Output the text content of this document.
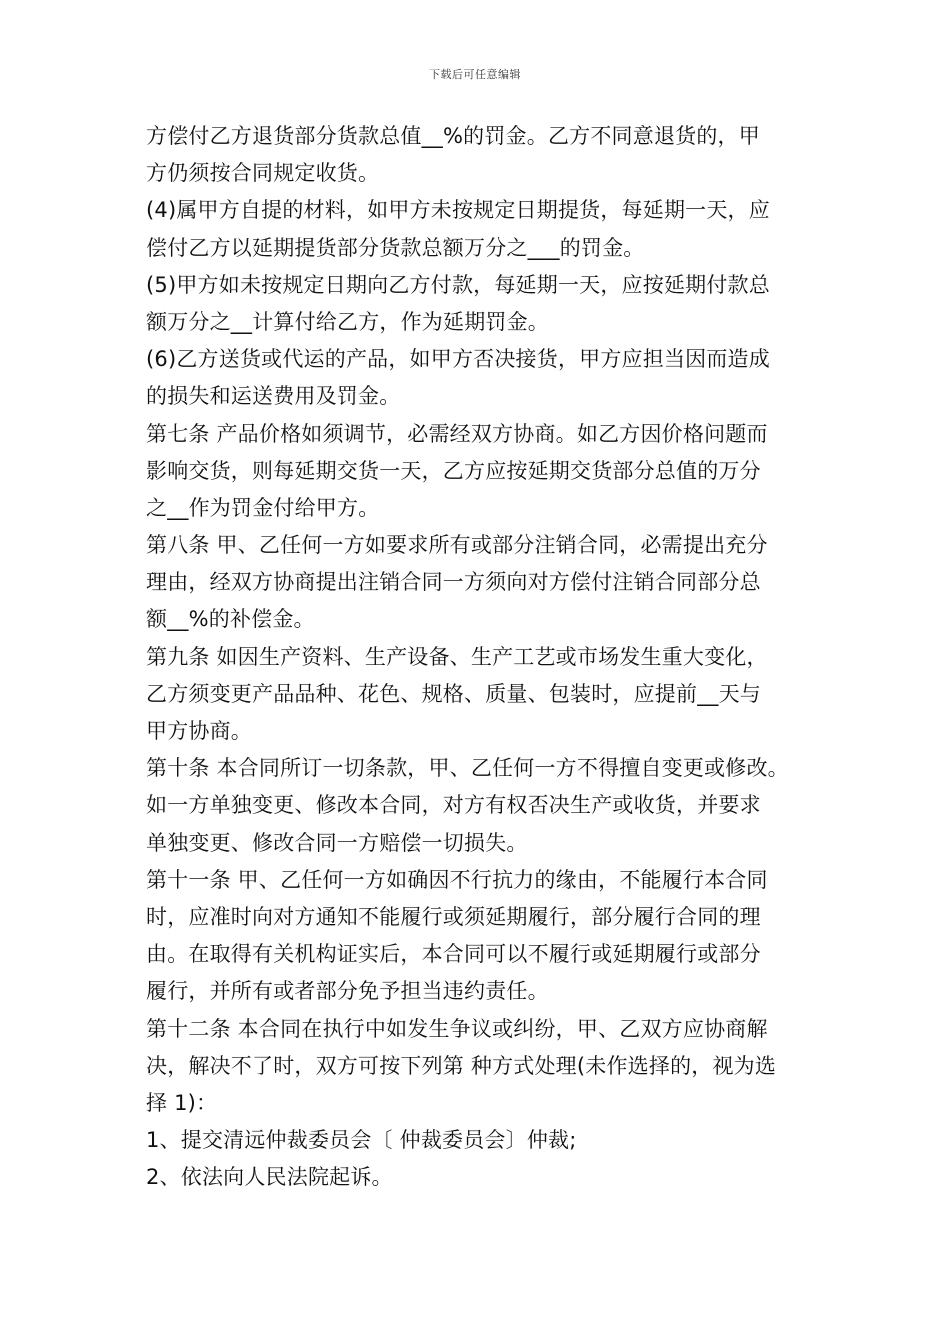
下载后可任意编辑
方偿付乙方退货部分货款总值__%的罚金。乙方不同意退货的，甲
方仍须按合同规定收货。
(4)属甲方自提的材料，如甲方未按规定日期提货，每延期一天，应
偿付乙方以延期提货部分货款总额万分之___的罚金。
(5)甲方如未按规定日期向乙方付款，每延期一天，应按延期付款总
额万分之__计算付给乙方，作为延期罚金。
(6)乙方送货或代运的产品，如甲方否决接货，甲方应担当因而造成
的损失和运送费用及罚金。
第七条 产品价格如须调节，必需经双方协商。如乙方因价格问题而
影响交货，则每延期交货一天，乙方应按延期交货部分总值的万分
之__作为罚金付给甲方。
第八条 甲、乙任何一方如要求所有或部分注销合同，必需提出充分
理由，经双方协商提出注销合同一方须向对方偿付注销合同部分总
额__%的补偿金。
第九条 如因生产资料、生产设备、生产工艺或市场发生重大变化，
乙方须变更产品品种、花色、规格、质量、包装时，应提前__天与
甲方协商。
第十条 本合同所订一切条款，甲、乙任何一方不得擅自变更或修改。
如一方单独变更、修改本合同，对方有权否决生产或收货，并要求
单独变更、修改合同一方赔偿一切损失。
第十一条 甲、乙任何一方如确因不行抗力的缘由，不能履行本合同
时，应准时向对方通知不能履行或须延期履行，部分履行合同的理
由。在取得有关机构证实后，本合同可以不履行或延期履行或部分
履行，并所有或者部分免予担当违约责任。
第十二条 本合同在执行中如发生争议或纠纷，甲、乙双方应协商解
决，解决不了时，双方可按下列第 种方式处理(未作选择的，视为选
择 1)：
1、提交清远仲裁委员会〔 仲裁委员会〕仲裁;
2、依法向人民法院起诉。
